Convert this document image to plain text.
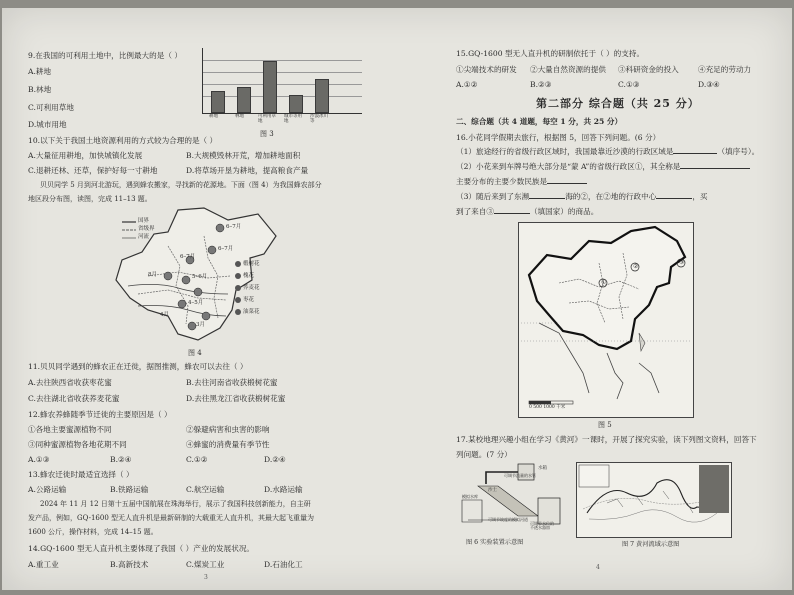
9.在我国的可利用土地中，比例最大的是（ ）
A.耕地
B.林地
C.可利用草地
D.城市用地
耕地	林地	可利用草地
城市等用地
沙漠冰川等
图 3
10.以下关于我国土地资源利用的方式较为合理的是（ ）
A.大量征用耕地，加快城镇化发展	B.大规模毁林开荒，增加耕地面积
C.退耕还林、还草，保护好每一寸耕地	D.将草场开垦为耕地，提高粮食产量
贝贝同学 5 月到河北游玩，遇到蜂农搬家，寻找新的花源地。下面（图 4）为我国蜂农部分
地区段分布图，读图，完成 11–13 题。
国界
省级界
河流
6–7月
6–7月
8月
6–7月
5–6月
4–5月
4月
3月
椴树花
槐花
荞麦花
枣花
油菜花
图 4
11.贝贝同学遇到的蜂农正在迁徙，据图推测，蜂农可以去往（ ）
A.去往陕西省收获枣花蜜	B.去往河南省收获椴树花蜜
C.去往湖北省收获荞麦花蜜	D.去往黑龙江省收获椴树花蜜
12.蜂农养蜂随季节迁徙的主要原因是（ ）
①各地主要蜜源植物不同	②躲避病害和虫害的影响
③同种蜜源植物各地花期不同	④蜂蜜的消费量有季节性
A.①③	B.②④	C.①②	D.②④
13.蜂农迁徙时最适宜选择（ ）
A.公路运输	B.铁路运输	C.航空运输	D.水路运输
2024 年 11 月 12 日第十五届中国航展在珠海举行，展示了我国科技创新能力，自主研
发产品，例如，GQ-1600 型无人直升机是最新研制的大载重无人直升机，其最大起飞重量为
1600 公斤，操作材料，完成 14–15 题。
14.GQ-1600 型无人直升机主要体现了我国（ ）产业的发展状况。
A.重工业	B.高新技术	C.煤炭工业	D.石油化工
3
15.GQ-1600 型无人直升机的研制依托于（ ）的支持。
①尖端技术的研发 ②大量自然资源的提供 ③科研资金的投入	④充足的劳动力
A.①②	B.②③	C.①③	D.③④
第二部分 综合题（共 25 分）
二、综合题（共 4 道题，每空 1 分，共 25 分）
16.小花同学假期去旅行，根据图 5，回答下列问题。(6 分）
（1）旅途经行的省级行政区域时，我国最靠近沙漠的行政区域是	（填序号）。
（2）小花来到车牌号绝大部分是“蒙 A”的省级行政区①，其全称是
主要分布的主要少数民族是
（3）随后来到了东濒	海的②，在②地的行政中心	，买
到了来自③	（填国家）的商品。
①
②
③
0 500 1000 千米
图 5
17.某校地理兴趣小组在学习《黄河》一课时，开展了探究实验，读下列图文资料，回答下
列问题。(7 分）
水箱
沙土
可调节流量的水管
可调节坡度的模拟河道
模拟水库
可调节水位的
不透水器皿
图 6 实验装置示意图	图 7 黄河流域示意图
4
